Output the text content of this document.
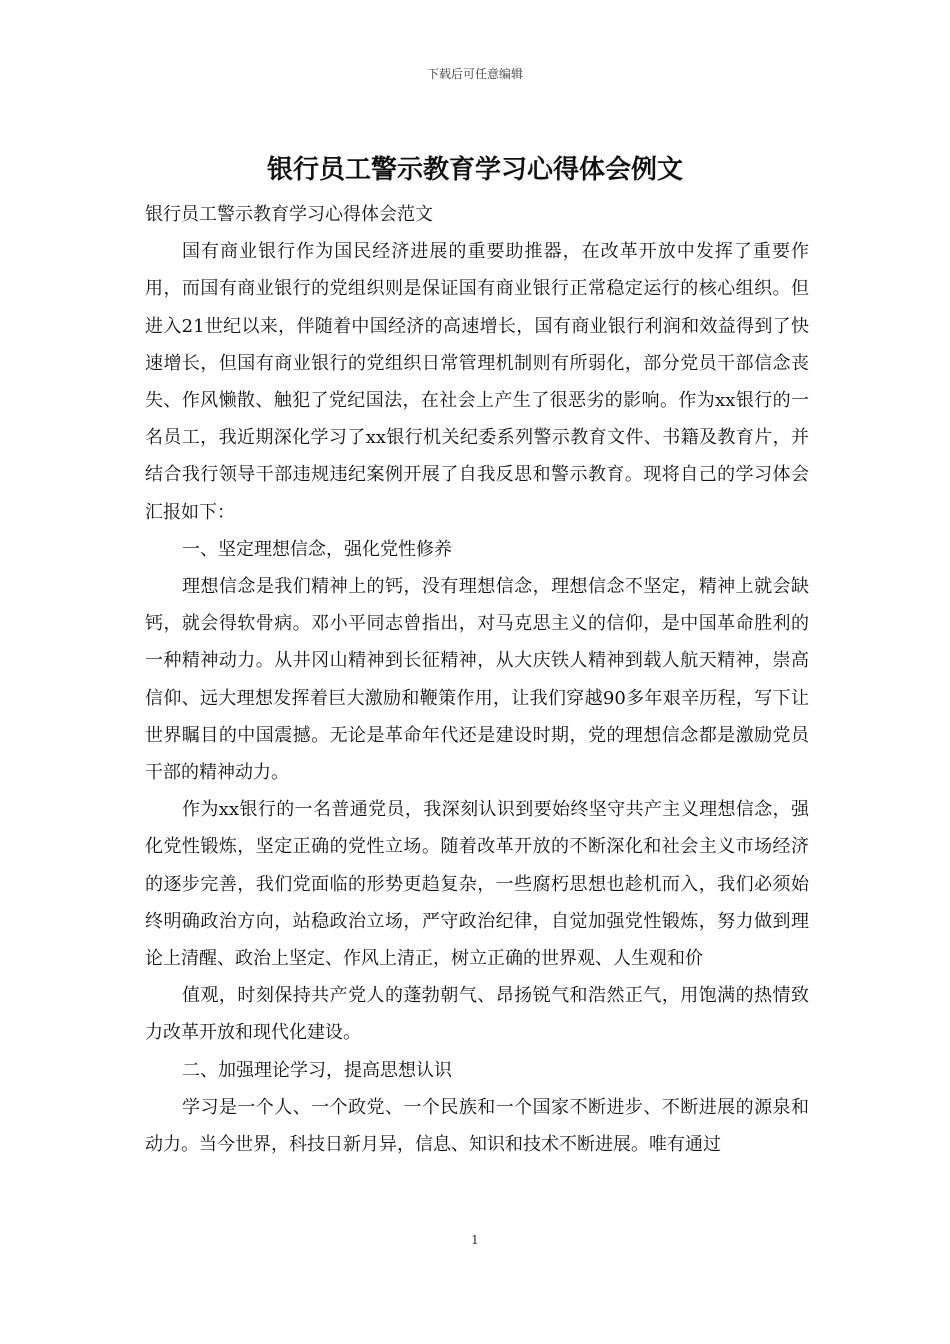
下载后可任意编辑
银行员工警示教育学习心得体会例文

银行员工警示教育学习心得体会范文

国有商业银行作为国民经济进展的重要助推器，在改革开放中发挥了重要作用，而国有商业银行的党组织则是保证国有商业银行正常稳定运行的核心组织。但进入21世纪以来，伴随着中国经济的高速增长，国有商业银行利润和效益得到了快速增长，但国有商业银行的党组织日常管理机制则有所弱化，部分党员干部信念丧失、作风懒散、触犯了党纪国法，在社会上产生了很恶劣的影响。作为xx银行的一名员工，我近期深化学习了xx银行机关纪委系列警示教育文件、书籍及教育片，并结合我行领导干部违规违纪案例开展了自我反思和警示教育。现将自己的学习体会汇报如下：

一、坚定理想信念，强化党性修养

理想信念是我们精神上的钙，没有理想信念，理想信念不坚定，精神上就会缺钙，就会得软骨病。邓小平同志曾指出，对马克思主义的信仰，是中国革命胜利的一种精神动力。从井冈山精神到长征精神，从大庆铁人精神到载人航天精神，崇高信仰、远大理想发挥着巨大激励和鞭策作用，让我们穿越90多年艰辛历程，写下让世界瞩目的中国震撼。无论是革命年代还是建设时期，党的理想信念都是激励党员干部的精神动力。

作为xx银行的一名普通党员，我深刻认识到要始终坚守共产主义理想信念，强化党性锻炼，坚定正确的党性立场。随着改革开放的不断深化和社会主义市场经济的逐步完善，我们党面临的形势更趋复杂，一些腐朽思想也趁机而入，我们必须始终明确政治方向，站稳政治立场，严守政治纪律，自觉加强党性锻炼，努力做到理论上清醒、政治上坚定、作风上清正，树立正确的世界观、人生观和价

值观，时刻保持共产党人的蓬勃朝气、昂扬锐气和浩然正气，用饱满的热情致力改革开放和现代化建设。

二、加强理论学习，提高思想认识

学习是一个人、一个政党、一个民族和一个国家不断进步、不断进展的源泉和动力。当今世界，科技日新月异，信息、知识和技术不断进展。唯有通过

1
